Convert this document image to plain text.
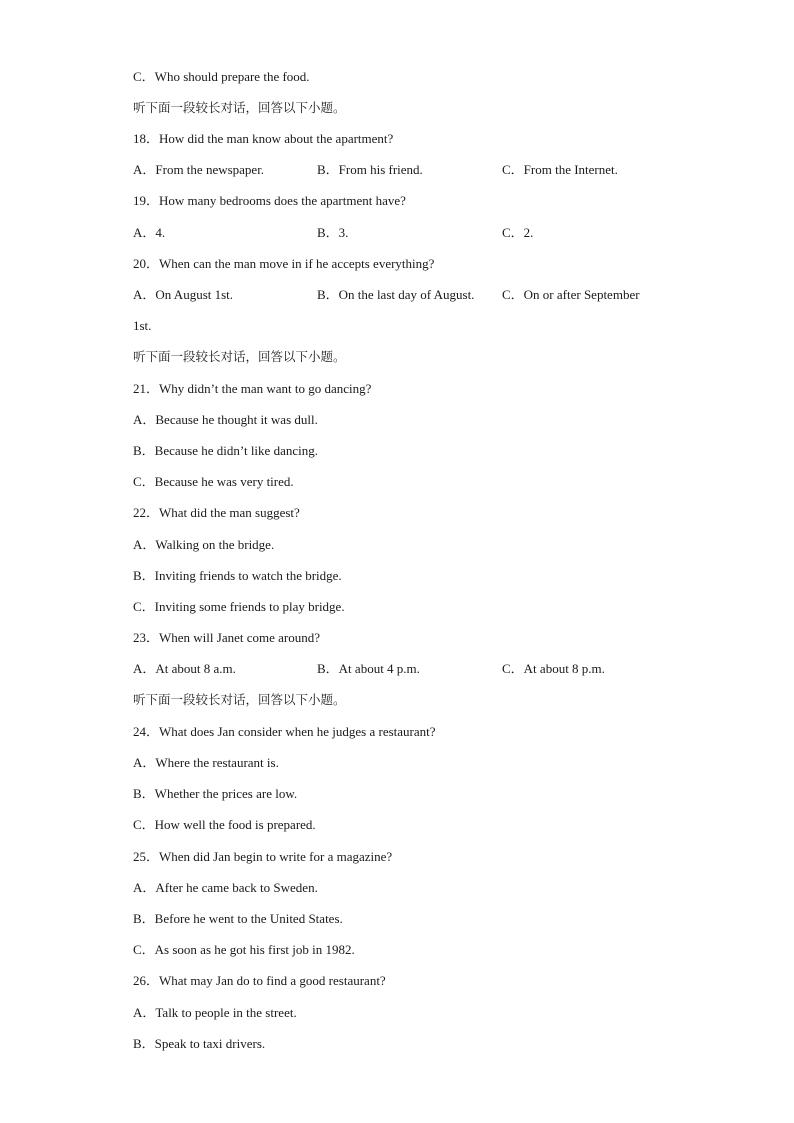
C．Who should prepare the food.
听下面一段较长对话，回答以下小题。
18．How did the man know about the apartment?
A．From the newspaper.	B．From his friend.	C．From the Internet.
19．How many bedrooms does the apartment have?
A．4.	B．3.	C．2.
20．When can the man move in if he accepts everything?
A．On August 1st.	B．On the last day of August. C．On or after September
1st.
听下面一段较长对话，回答以下小题。
21．Why didn’t the man want to go dancing?
A．Because he thought it was dull.
B．Because he didn’t like dancing.
C．Because he was very tired.
22．What did the man suggest?
A．Walking on the bridge.
B．Inviting friends to watch the bridge.
C．Inviting some friends to play bridge.
23．When will Janet come around?
A．At about 8 a.m.	B．At about 4 p.m.	C．At about 8 p.m.
听下面一段较长对话，回答以下小题。
24．What does Jan consider when he judges a restaurant?
A．Where the restaurant is.
B．Whether the prices are low.
C．How well the food is prepared.
25．When did Jan begin to write for a magazine?
A．After he came back to Sweden.
B．Before he went to the United States.
C．As soon as he got his first job in 1982.
26．What may Jan do to find a good restaurant?
A．Talk to people in the street.
B．Speak to taxi drivers.
